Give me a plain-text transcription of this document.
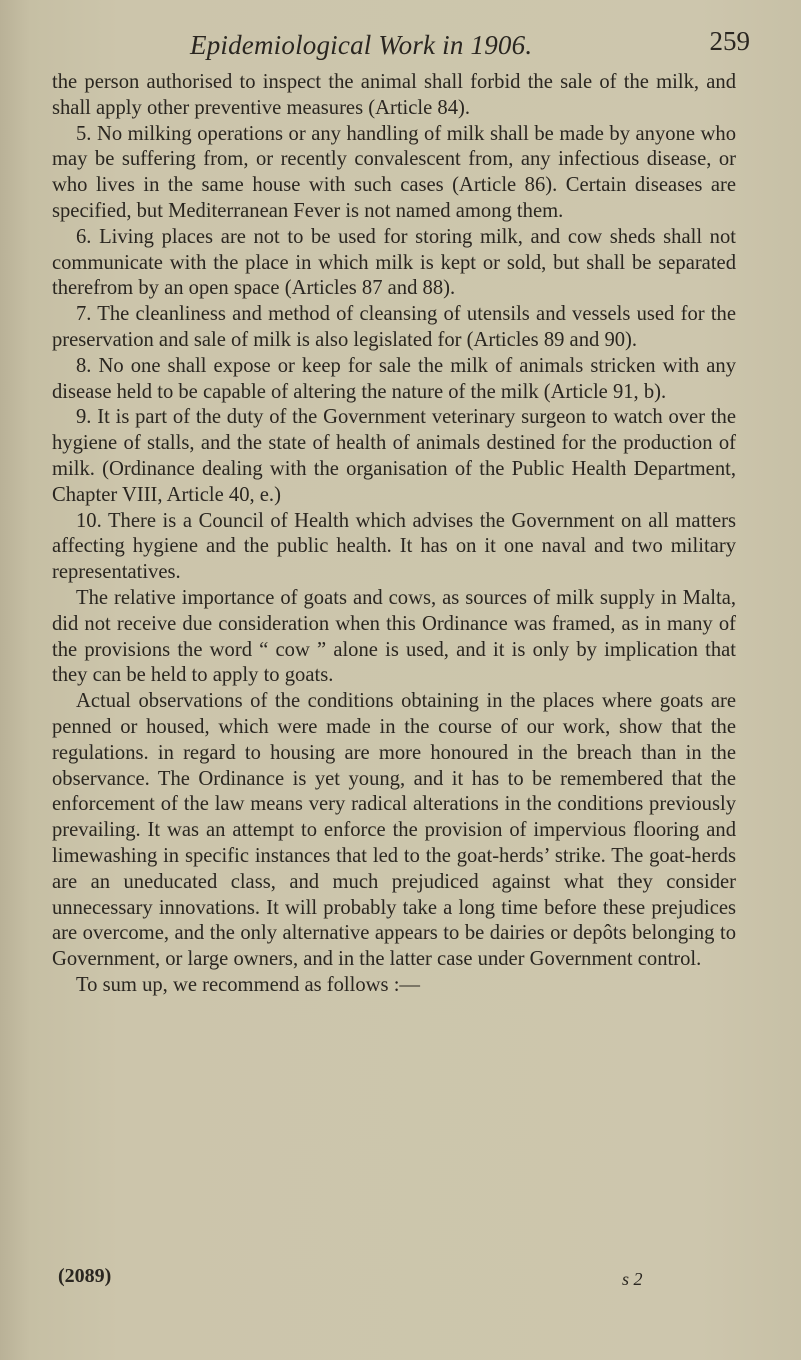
Epidemiological Work in 1906.	259

the person authorised to inspect the animal shall forbid the sale of the milk, and shall apply other preventive measures (Article 84).

5. No milking operations or any handling of milk shall be made by anyone who may be suffering from, or recently convalescent from, any infectious disease, or who lives in the same house with such cases (Article 86). Certain diseases are specified, but Mediterranean Fever is not named among them.

6. Living places are not to be used for storing milk, and cow sheds shall not communicate with the place in which milk is kept or sold, but shall be separated therefrom by an open space (Articles 87 and 88).

7. The cleanliness and method of cleansing of utensils and vessels used for the preservation and sale of milk is also legislated for (Articles 89 and 90).

8. No one shall expose or keep for sale the milk of animals stricken with any disease held to be capable of altering the nature of the milk (Article 91, b).

9. It is part of the duty of the Government veterinary surgeon to watch over the hygiene of stalls, and the state of health of animals destined for the production of milk. (Ordinance dealing with the organisation of the Public Health Department, Chapter VIII, Article 40, e.)

10. There is a Council of Health which advises the Government on all matters affecting hygiene and the public health. It has on it one naval and two military representatives.

The relative importance of goats and cows, as sources of milk supply in Malta, did not receive due consideration when this Ordinance was framed, as in many of the provisions the word “ cow ” alone is used, and it is only by implication that they can be held to apply to goats.

Actual observations of the conditions obtaining in the places where goats are penned or housed, which were made in the course of our work, show that the regulations. in regard to housing are more honoured in the breach than in the observance. The Ordinance is yet young, and it has to be remembered that the enforcement of the law means very radical alterations in the conditions previously prevailing. It was an attempt to enforce the provision of impervious flooring and limewashing in specific instances that led to the goat-herds’ strike. The goat-herds are an uneducated class, and much prejudiced against what they consider unnecessary innovations. It will probably take a long time before these prejudices are overcome, and the only alternative appears to be dairies or depôts belonging to Government, or large owners, and in the latter case under Government control.

To sum up, we recommend as follows :—

(2089)	s 2
